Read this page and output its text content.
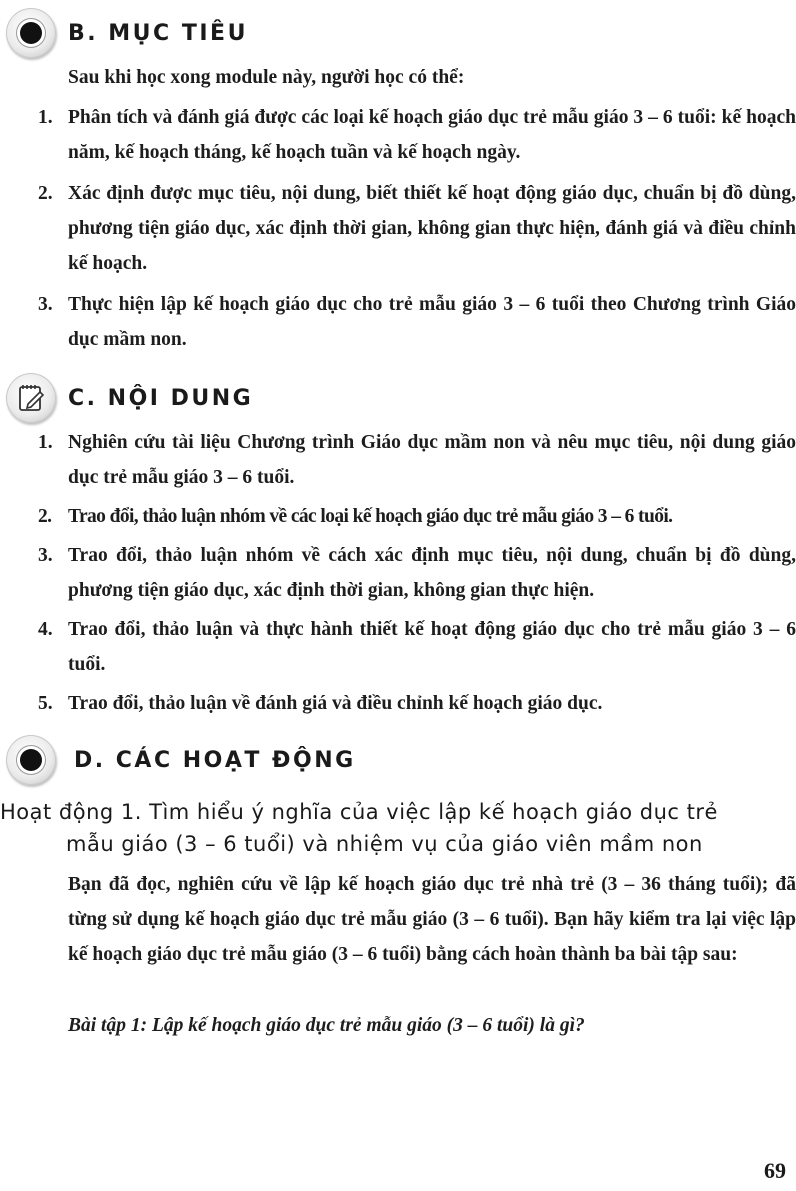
B. MỤC TIÊU
Sau khi học xong module này, người học có thể:
1. Phân tích và đánh giá được các loại kế hoạch giáo dục trẻ mẫu giáo 3 – 6 tuổi: kế hoạch năm, kế hoạch tháng, kế hoạch tuần và kế hoạch ngày.
2. Xác định được mục tiêu, nội dung, biết thiết kế hoạt động giáo dục, chuẩn bị đồ dùng, phương tiện giáo dục, xác định thời gian, không gian thực hiện, đánh giá và điều chỉnh kế hoạch.
3. Thực hiện lập kế hoạch giáo dục cho trẻ mẫu giáo 3 – 6 tuổi theo Chương trình Giáo dục mầm non.
C. NỘI DUNG
1. Nghiên cứu tài liệu Chương trình Giáo dục mầm non và nêu mục tiêu, nội dung giáo dục trẻ mẫu giáo 3 – 6 tuổi.
2. Trao đổi, thảo luận nhóm về các loại kế hoạch giáo dục trẻ mẫu giáo 3 – 6 tuổi.
3. Trao đổi, thảo luận nhóm về cách xác định mục tiêu, nội dung, chuẩn bị đồ dùng, phương tiện giáo dục, xác định thời gian, không gian thực hiện.
4. Trao đổi, thảo luận và thực hành thiết kế hoạt động giáo dục cho trẻ mẫu giáo 3 – 6 tuổi.
5. Trao đổi, thảo luận về đánh giá và điều chỉnh kế hoạch giáo dục.
D. CÁC HOẠT ĐỘNG
Hoạt động 1. Tìm hiểu ý nghĩa của việc lập kế hoạch giáo dục trẻ
mẫu giáo (3 – 6 tuổi) và nhiệm vụ của giáo viên mầm non
Bạn đã đọc, nghiên cứu về lập kế hoạch giáo dục trẻ nhà trẻ (3 – 36 tháng tuổi); đã từng sử dụng kế hoạch giáo dục trẻ mẫu giáo (3 – 6 tuổi). Bạn hãy kiểm tra lại việc lập kế hoạch giáo dục trẻ mẫu giáo (3 – 6 tuổi) bằng cách hoàn thành ba bài tập sau:
Bài tập 1: Lập kế hoạch giáo dục trẻ mẫu giáo (3 – 6 tuổi) là gì?
69
